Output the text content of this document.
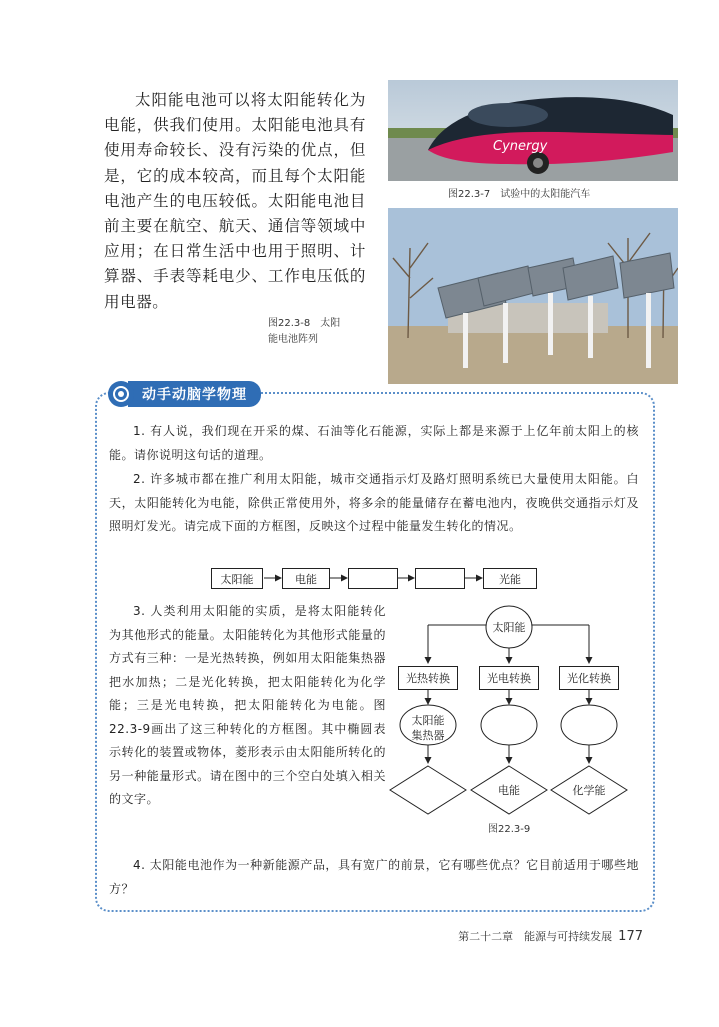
太阳能电池可以将太阳能转化为电能，供我们使用。太阳能电池具有使用寿命较长、没有污染的优点，但是，它的成本较高，而且每个太阳能电池产生的电压较低。太阳能电池目前主要在航空、航天、通信等领域中应用；在日常生活中也用于照明、计算器、手表等耗电少、工作电压低的用电器。

Cynergy
图22.3-7　试验中的太阳能汽车
图22.3-8　太阳
能电池阵列
动手动脑学物理

1. 有人说，我们现在开采的煤、石油等化石能源，实际上都是来源于上亿年前太阳上的核能。请你说明这句话的道理。

2. 许多城市都在推广利用太阳能，城市交通指示灯及路灯照明系统已大量使用太阳能。白天，太阳能转化为电能，除供正常使用外，将多余的能量储存在蓄电池内，夜晚供交通指示灯及照明灯发光。请完成下面的方框图，反映这个过程中能量发生转化的情况。

太阳能	电能	光能

3. 人类利用太阳能的实质，是将太阳能转化为其他形式的能量。太阳能转化为其他形式能量的方式有三种：一是光热转换，例如用太阳能集热器把水加热；二是光化转换，把太阳能转化为化学能；三是光电转换，把太阳能转化为电能。图22.3-9画出了这三种转化的方框图。其中椭圆表示转化的装置或物体，菱形表示由太阳能所转化的另一种能量形式。请在图中的三个空白处填入相关的文字。

太阳能
光热转换	光电转换	光化转换
太阳能
集热器
电能	化学能
图22.3-9

4. 太阳能电池作为一种新能源产品，具有宽广的前景，它有哪些优点？它目前适用于哪些地方？

第二十二章　能源与可持续发展 177
